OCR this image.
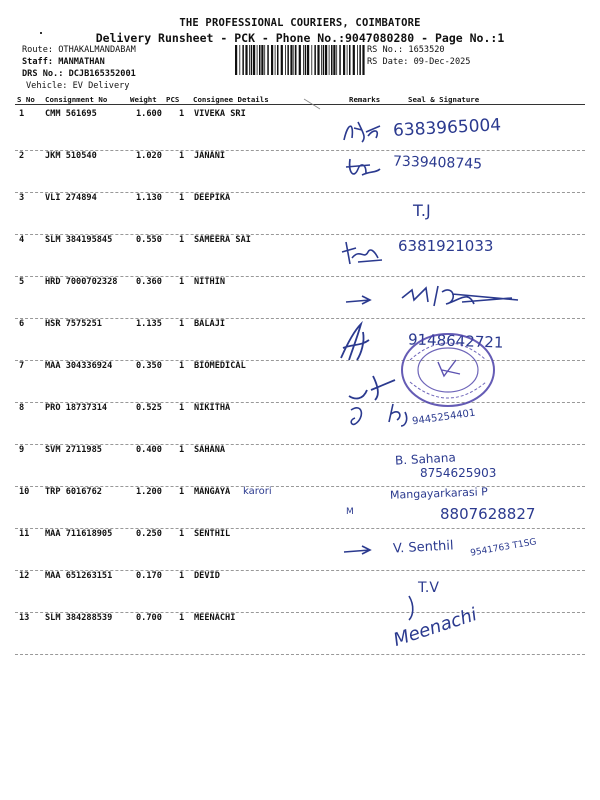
THE PROFESSIONAL COURIERS, COIMBATORE
Delivery Runsheet - PCK - Phone No.:9047080280 - Page No.:1
Route: OTHAKALMANDABAM
Staff: MANMATHAN
DRS No.: DCJB165352001
Vehicle: EV Delivery
RS No.: 1653520
RS Date: 09-Dec-2025
S No Consignment No	Weight PCS Consignee Details	Remarks	Seal & Signature
1 CMM 561695	1.600 1 VIVEKA SRI
2 JKM 510540	1.020 1 JANANI
3 VLI 274894	1.130 1 DEEPIKA
4 SLM 384195845	0.550 1 SAMEERA SAI
5 HRD 7000702328 0.360 1 NITHIN
6 HSR 7575251	1.135 1 BALAJI
7 MAA 304336924	0.350 1 BIOMEDICAL
8 PRO 18737314	0.525 1 NIKITHA
9 SVM 2711985	0.400 1 SAHANA
10 TRP 6016762	1.200 1 MANGAYA
11 MAA 711618905	0.250 1 SENTHIL
12 MAA 651263151	0.170 1 DEVID
13 SLM 384288539	0.700 1 MEENACHI
6383965004
7339408745
T.J
6381921033
9148642721
9445254401
B. Sahana
8754625903
karori
M
Mangayarkarasi P
8807628827
V. Senthil 9541763 T1SG
T.V
Meenachi
